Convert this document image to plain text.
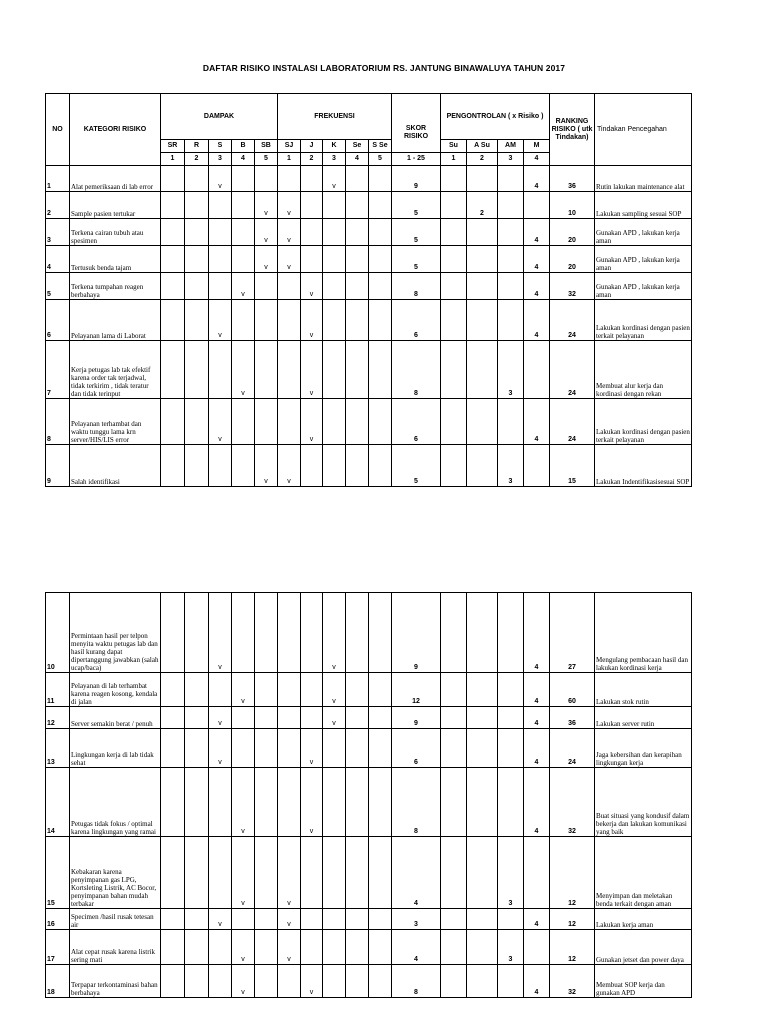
DAFTAR RISIKO INSTALASI LABORATORIUM RS. JANTUNG BINAWALUYA TAHUN 2017
NO	KATEGORI RISIKO	DAMPAK					FREKUENSI					SKOR RISIKO	PENGONTROLAN ( x Risiko )				RANKING RISIKO ( utk Tindakan)	Tindakan Pencegahan
		SR	R	S	B	SB	SJ	J	K	Se	S Se		Su	A Su	AM	M		
		1	2	3	4	5	1	2	3	4	5	1 - 25	1	2	3	4		
1	Alat pemeriksaan di lab error			v					v			9				4	36	Rutin lakukan maintenance alat
2	Sample pasien tertukar					v	v					5		2			10	Lakukan sampling sesuai SOP
3	Terkena cairan tubuh atau spesimen					v	v					5				4	20	Gunakan APD , lakukan kerja aman
4	Tertusuk benda tajam					v	v					5				4	20	Gunakan APD , lakukan kerja aman
5	Terkena tumpahan reagen berbahaya				v			v				8				4	32	Gunakan APD , lakukan kerja aman
6	Pelayanan lama di Laborat			v				v				6				4	24	Lakukan kordinasi dengan pasien terkait pelayanan
7	Kerja petugas lab tak efektif karena order tak terjadwal, tidak terkirim , tidak teratur dan tidak terinput				v			v				8			3		24	Membuat alur kerja dan kordinasi dengan rekan
8	Pelayanan terhambat dan waktu tunggu lama krn server/HIS/LIS error			v				v				6				4	24	Lakukan kordinasi dengan pasien terkait pelayanan
9	Salah identifikasi					v	v					5			3		15	Lakukan Indentifikasisesuai SOP
10	Permintaan hasil per telpon menyita waktu petugas lab dan hasil kurang dapat dipertanggung jawabkan (salah ucap/baca)			v					v			9				4	27	Mengulang pembacaan hasil dan lakukan kordinasi kerja
11	Pelayanan di lab terhambat karena reagen kosong, kendala di jalan				v				v			12				4	60	Lakukan stok rutin
12	Server semakin berat / penuh			v					v			9				4	36	Lakukan server rutin
13	Lingkungan kerja di lab tidak sehat			v				v				6				4	24	Jaga kebersihan dan kerapihan lingkungan kerja
14	Petugas tidak fokus / optimal karena lingkungan yang ramai				v			v				8				4	32	Buat situasi yang kondusif dalam bekerja dan lakukan komunikasi yang baik
15	Kebakaran karena penyimpanan gas LPG, Kortsleting Listrik, AC Bocor, penyimpanan bahan mudah terbakar				v		v					4			3		12	Menyimpan dan meletakan benda terkait dengan aman
16	Specimen /hasil rusak tetesan air			v			v					3				4	12	Lakukan kerja aman
17	Alat cepat rusak karena listrik sering mati				v		v					4			3		12	Gunakan jetset dan power daya
18	Terpapar terkontaminasi bahan berbahaya				v			v				8				4	32	Membuat SOP kerja dan gunakan APD
